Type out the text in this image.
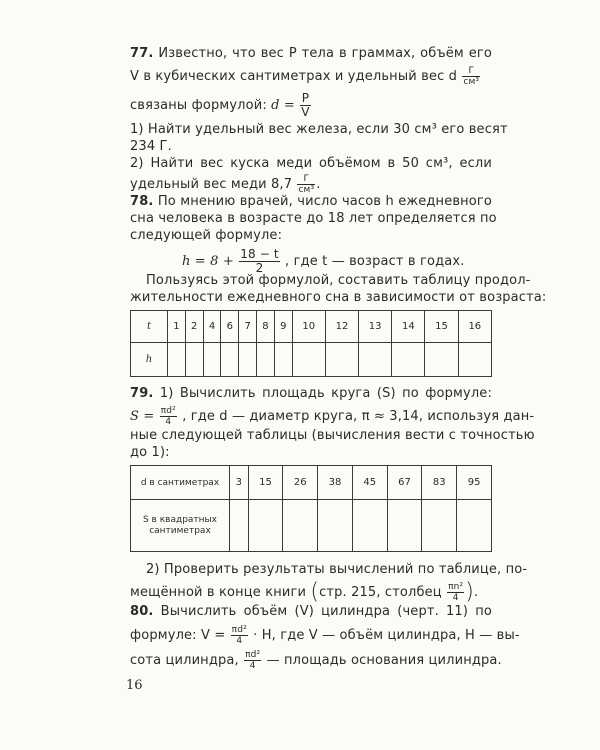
77. Известно, что вес P тела в граммах, объём его
V в кубических сантиметрах и удельный вес d $\frac{Г}{\text{см³}}$
связаны формулой: $d = \frac{P}{V}$
1) Найти удельный вес железа, если 30 см³ его весят
234 Г.
2) Найти вес куска меди объёмом в 50 см³, если
удельный вес меди $8,7 \frac{Г}{\text{см³}}$ .
78. По мнению врачей, число часов h ежедневного
сна человека в возрасте до 18 лет определяется по
следующей формуле:
$h = 8 + \frac{18 - t}{2}$ , где t — возраст в годах.
Пользуясь этой формулой, составить таблицу продол-
жительности ежедневного сна в зависимости от возраста:
t	1	2	4	6	7	8	9	10	12	13	14	15	16
h													
79. 1) Вычислить площадь круга (S) по формуле:
$S = \frac{\text{πd²}}{4}$ , где d — диаметр круга, π ≈ 3,14, используя дан-
ные следующей таблицы (вычисления вести с точностью
до 1):
d в сантиметрах	3	15	26	38	45	67	83	95
S в квадратных сантиметрах								
2) Проверить результаты вычислений по таблице, по-
мещённой в конце книги (стр. 215, столбец $\frac{\text{πn²}}{4}$ ).
80. Вычислить объём (V) цилиндра (черт. 11) по
формуле: $V = \frac{\text{πd²}}{4} \cdot H$, где V — объём цилиндра, H — вы-
сота цилиндра, $\frac{\text{πd²}}{4}$ — площадь основания цилиндра.
16
